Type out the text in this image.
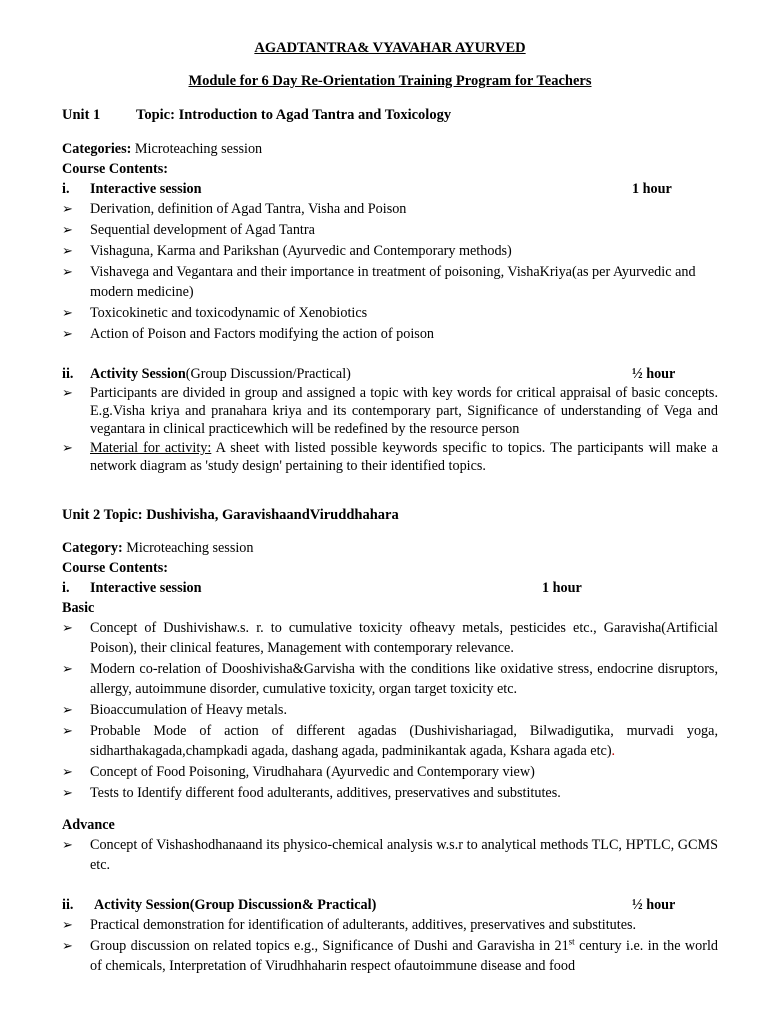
AGADTANTRA& VYAVAHAR AYURVED

Module for 6 Day Re-Orientation Training Program for Teachers

Unit 1 Topic: Introduction to Agad Tantra and Toxicology

Categories: Microteaching session

Course Contents:

i. Interactive session	1 hour
➢ Derivation, definition of Agad Tantra, Visha and Poison
➢ Sequential development of Agad Tantra
➢ Vishaguna, Karma and Parikshan (Ayurvedic and Contemporary methods)
➢ Vishavega and Vegantara and their importance in treatment of poisoning, VishaKriya(as per Ayurvedic and modern medicine)
➢ Toxicokinetic and toxicodynamic of Xenobiotics
➢ Action of Poison and Factors modifying the action of poison
ii. Activity Session(Group Discussion/Practical)	½ hour
➢ Participants are divided in group and assigned a topic with key words for critical appraisal of basic concepts. E.g.Visha kriya and pranahara kriya and its contemporary part, Significance of understanding of Vega and vegantara in clinical practicewhich will be redefined by the resource person
➢ Material for activity: A sheet with listed possible keywords specific to topics. The participants will make a network diagram as 'study design' pertaining to their identified topics.
Unit 2 Topic: Dushivisha, GaravishaandViruddhahara

Category: Microteaching session

Course Contents:

i. Interactive session	1 hour

Basic

➢ Concept of Dushivishaw.s. r. to cumulative toxicity ofheavy metals, pesticides etc., Garavisha(Artificial Poison), their clinical features, Management with contemporary relevance.
➢ Modern co-relation of Dooshivisha&Garvisha with the conditions like oxidative stress, endocrine disruptors, allergy, autoimmune disorder, cumulative toxicity, organ target toxicity etc.
➢ Bioaccumulation of Heavy metals.
➢ Probable Mode of action of different agadas (Dushivishariagad, Bilwadigutika, murvadi yoga, sidharthakagada,champkadi agada, dashang agada, padminikantak agada, Kshara agada etc).
➢ Concept of Food Poisoning, Virudhahara (Ayurvedic and Contemporary view)
➢ Tests to Identify different food adulterants, additives, preservatives and substitutes.

Advance

➢ Concept of Vishashodhanaand its physico-chemical analysis w.s.r to analytical methods TLC, HPTLC, GCMS etc.
ii. Activity Session(Group Discussion& Practical)	½ hour
➢ Practical demonstration for identification of adulterants, additives, preservatives and substitutes.
➢ Group discussion on related topics e.g., Significance of Dushi and Garavisha in 21st century i.e. in the world of chemicals, Interpretation of Virudhhaharin respect ofautoimmune disease and food
